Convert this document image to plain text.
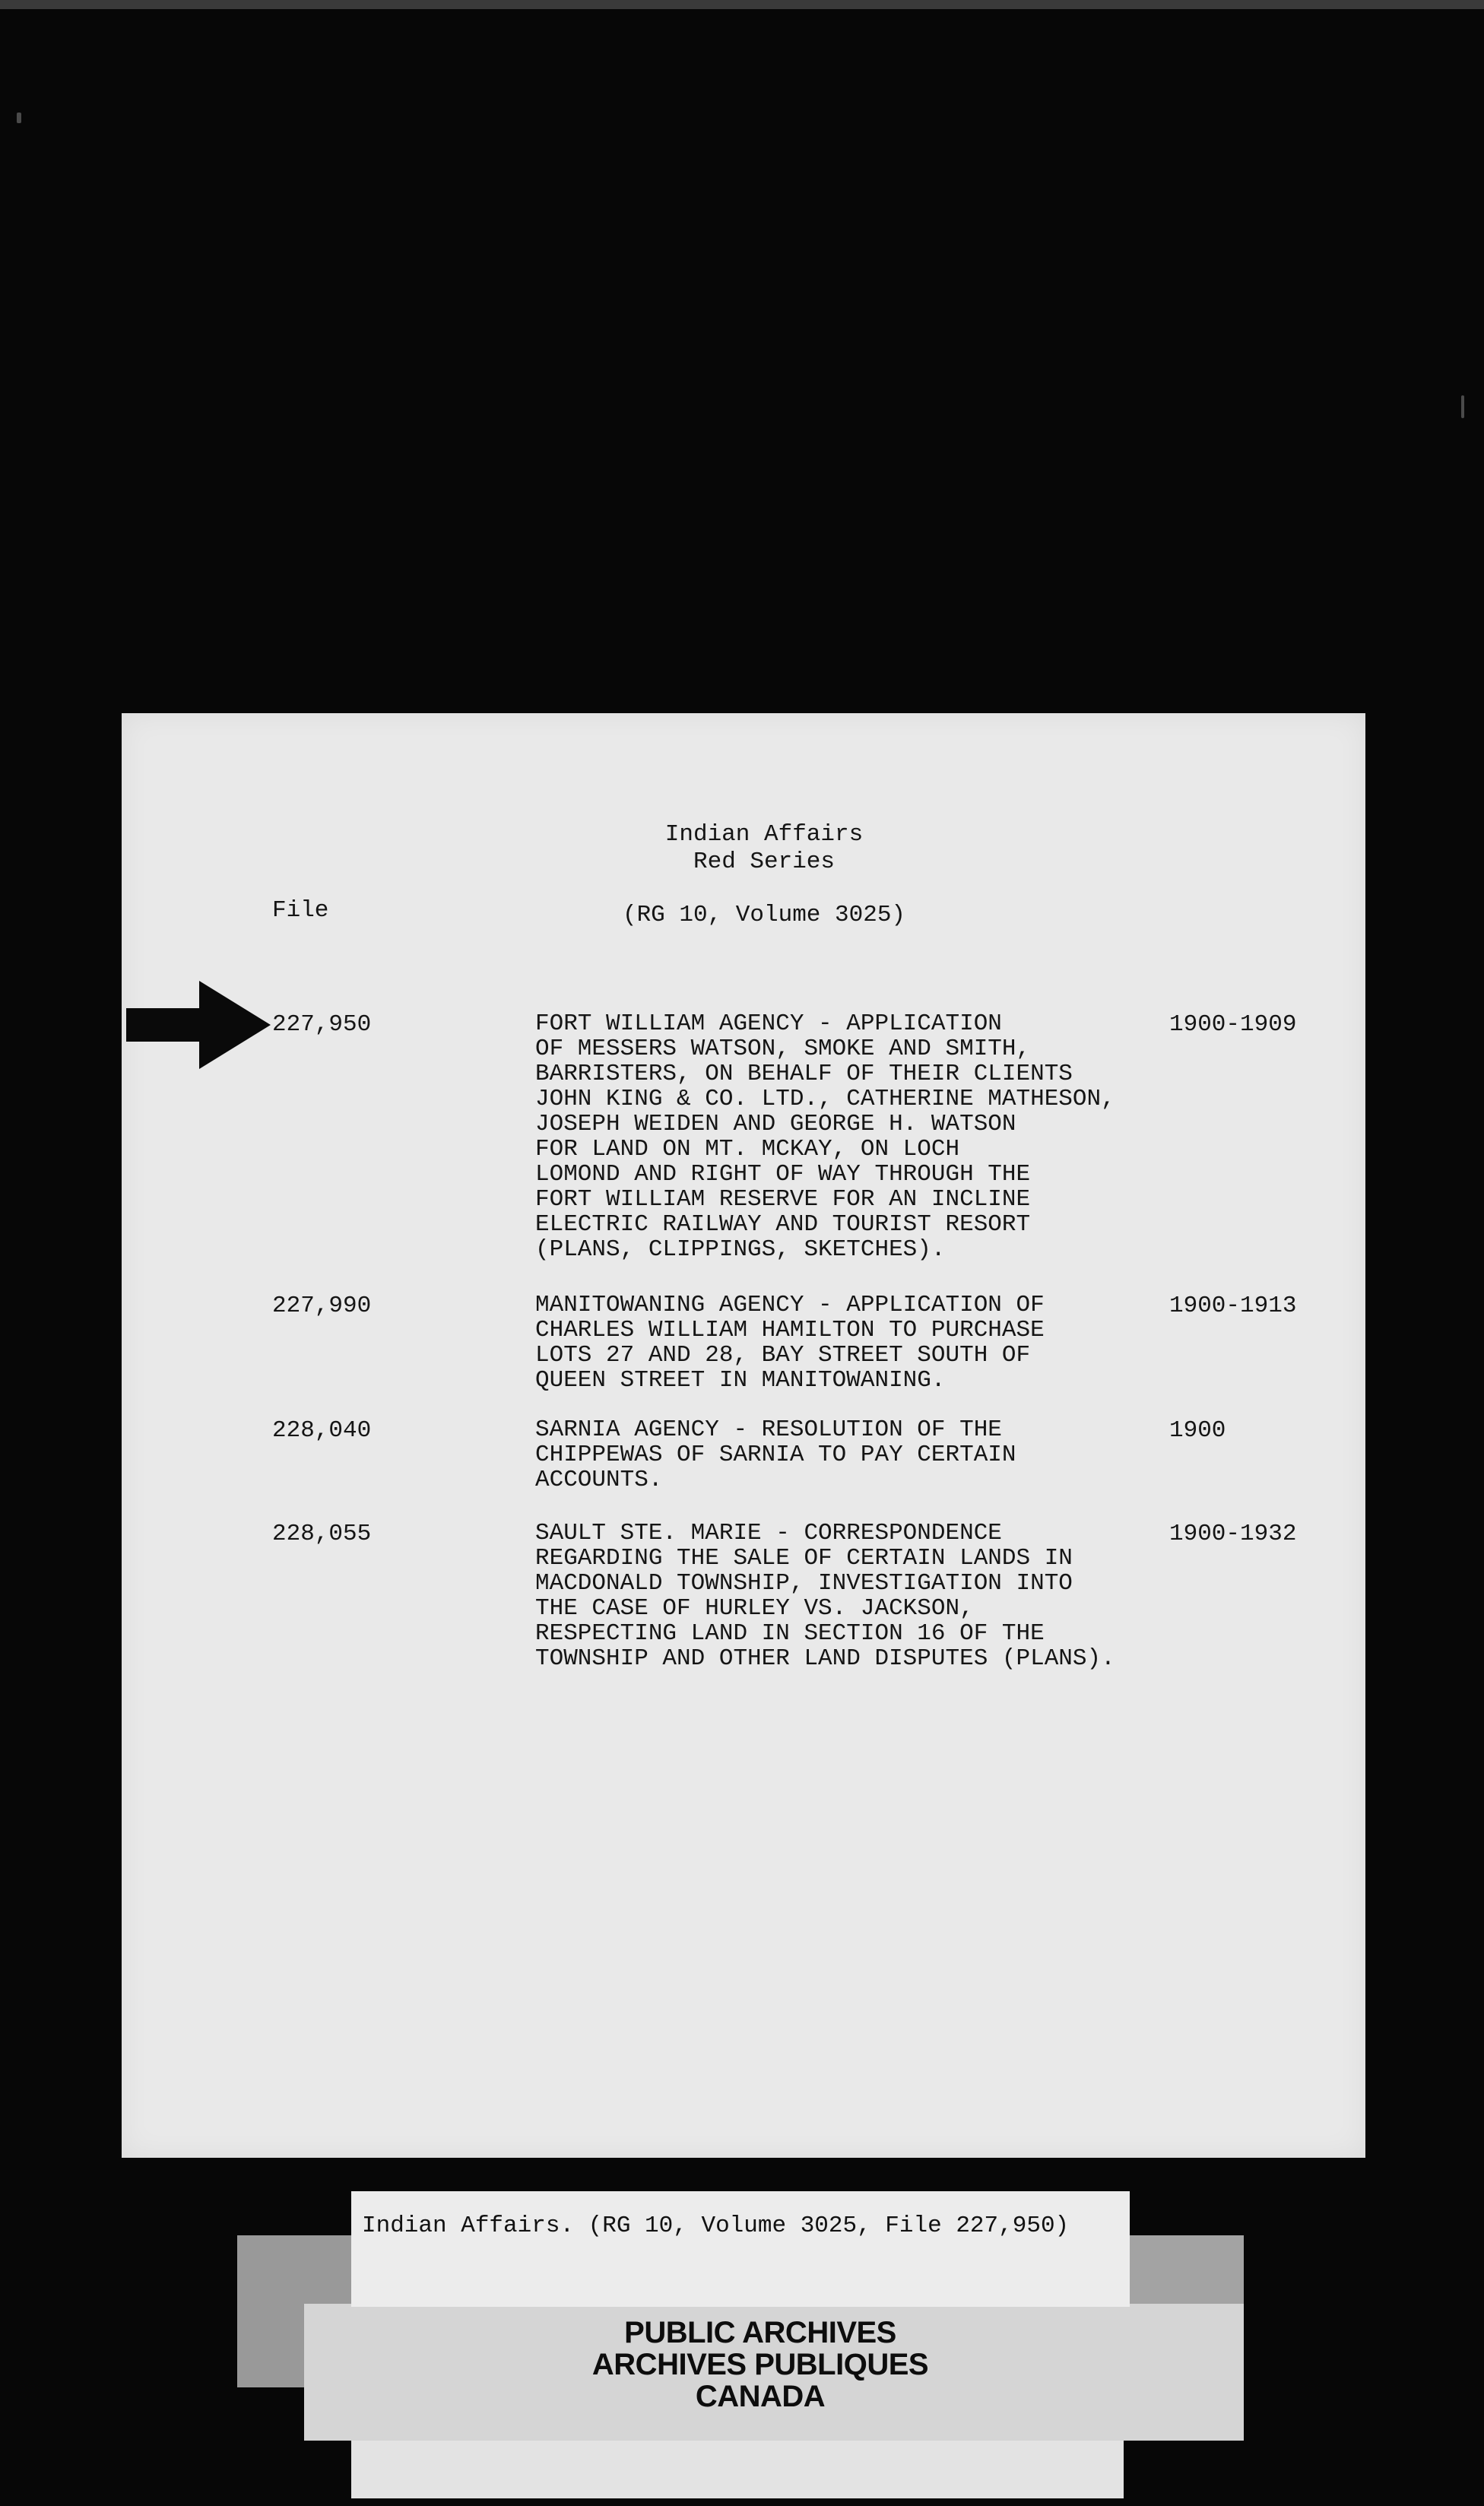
Indian Affairs
Red Series
(RG 10, Volume 3025)
File
227,950	FORT WILLIAM AGENCY - APPLICATION
OF MESSERS WATSON, SMOKE AND SMITH,
BARRISTERS, ON BEHALF OF THEIR CLIENTS
JOHN KING & CO. LTD., CATHERINE MATHESON,
JOSEPH WEIDEN AND GEORGE H. WATSON
FOR LAND ON MT. MCKAY, ON LOCH
LOMOND AND RIGHT OF WAY THROUGH THE
FORT WILLIAM RESERVE FOR AN INCLINE
ELECTRIC RAILWAY AND TOURIST RESORT
(PLANS, CLIPPINGS, SKETCHES).
1900-1909
227,990	MANITOWANING AGENCY - APPLICATION OF
CHARLES WILLIAM HAMILTON TO PURCHASE
LOTS 27 AND 28, BAY STREET SOUTH OF
QUEEN STREET IN MANITOWANING.
1900-1913
228,040	SARNIA AGENCY - RESOLUTION OF THE
CHIPPEWAS OF SARNIA TO PAY CERTAIN
ACCOUNTS.
1900
228,055	SAULT STE. MARIE - CORRESPONDENCE
REGARDING THE SALE OF CERTAIN LANDS IN
MACDONALD TOWNSHIP, INVESTIGATION INTO
THE CASE OF HURLEY VS. JACKSON,
RESPECTING LAND IN SECTION 16 OF THE
TOWNSHIP AND OTHER LAND DISPUTES (PLANS).
1900-1932
Indian Affairs. (RG 10, Volume 3025, File 227,950)
PUBLIC ARCHIVES
ARCHIVES PUBLIQUES
CANADA
